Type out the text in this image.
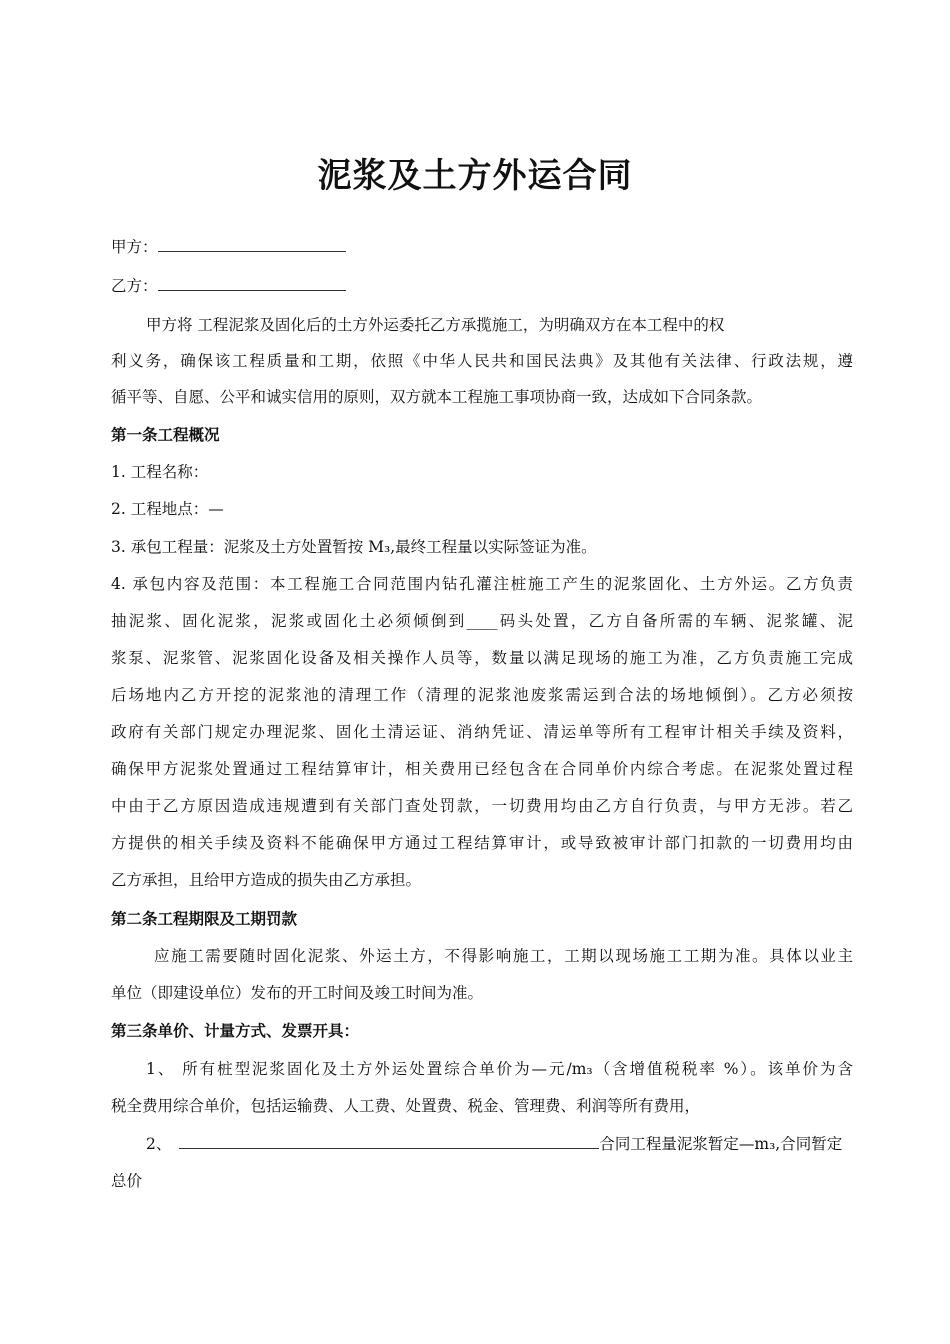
泥浆及土方外运合同
甲方：
乙方：
甲方将 工程泥浆及固化后的土方外运委托乙方承揽施工，为明确双方在本工程中的权
利义务，确保该工程质量和工期，依照《中华人民共和国民法典》及其他有关法律、行政法规，遵
循平等、自愿、公平和诚实信用的原则，双方就本工程施工事项协商一致，达成如下合同条款。
第一条工程概况
1. 工程名称：
2. 工程地点：—
3. 承包工程量：泥浆及土方处置暂按 M₃,最终工程量以实际签证为准。
4. 承包内容及范围：本工程施工合同范围内钻孔灌注桩施工产生的泥浆固化、土方外运。乙方负责
抽泥浆、固化泥浆，泥浆或固化土必须倾倒到____码头处置，乙方自备所需的车辆、泥浆罐、泥
浆泵、泥浆管、泥浆固化设备及相关操作人员等，数量以满足现场的施工为准，乙方负责施工完成
后场地内乙方开挖的泥浆池的清理工作（清理的泥浆池废浆需运到合法的场地倾倒）。乙方必须按
政府有关部门规定办理泥浆、固化土清运证、消纳凭证、清运单等所有工程审计相关手续及资料，
确保甲方泥浆处置通过工程结算审计，相关费用已经包含在合同单价内综合考虑。在泥浆处置过程
中由于乙方原因造成违规遭到有关部门查处罚款，一切费用均由乙方自行负责，与甲方无涉。若乙
方提供的相关手续及资料不能确保甲方通过工程结算审计，或导致被审计部门扣款的一切费用均由
乙方承担，且给甲方造成的损失由乙方承担。
第二条工程期限及工期罚款
应施工需要随时固化泥浆、外运土方，不得影响施工，工期以现场施工工期为准。具体以业主
单位（即建设单位）发布的开工时间及竣工时间为准。
第三条单价、计量方式、发票开具：
1、 所有桩型泥浆固化及土方外运处置综合单价为—元/m₃（含增值税税率 %）。该单价为含
税全费用综合单价，包括运输费、人工费、处置费、税金、管理费、利润等所有费用，
2、	合同工程量泥浆暂定—m₃,合同暂定
总价
